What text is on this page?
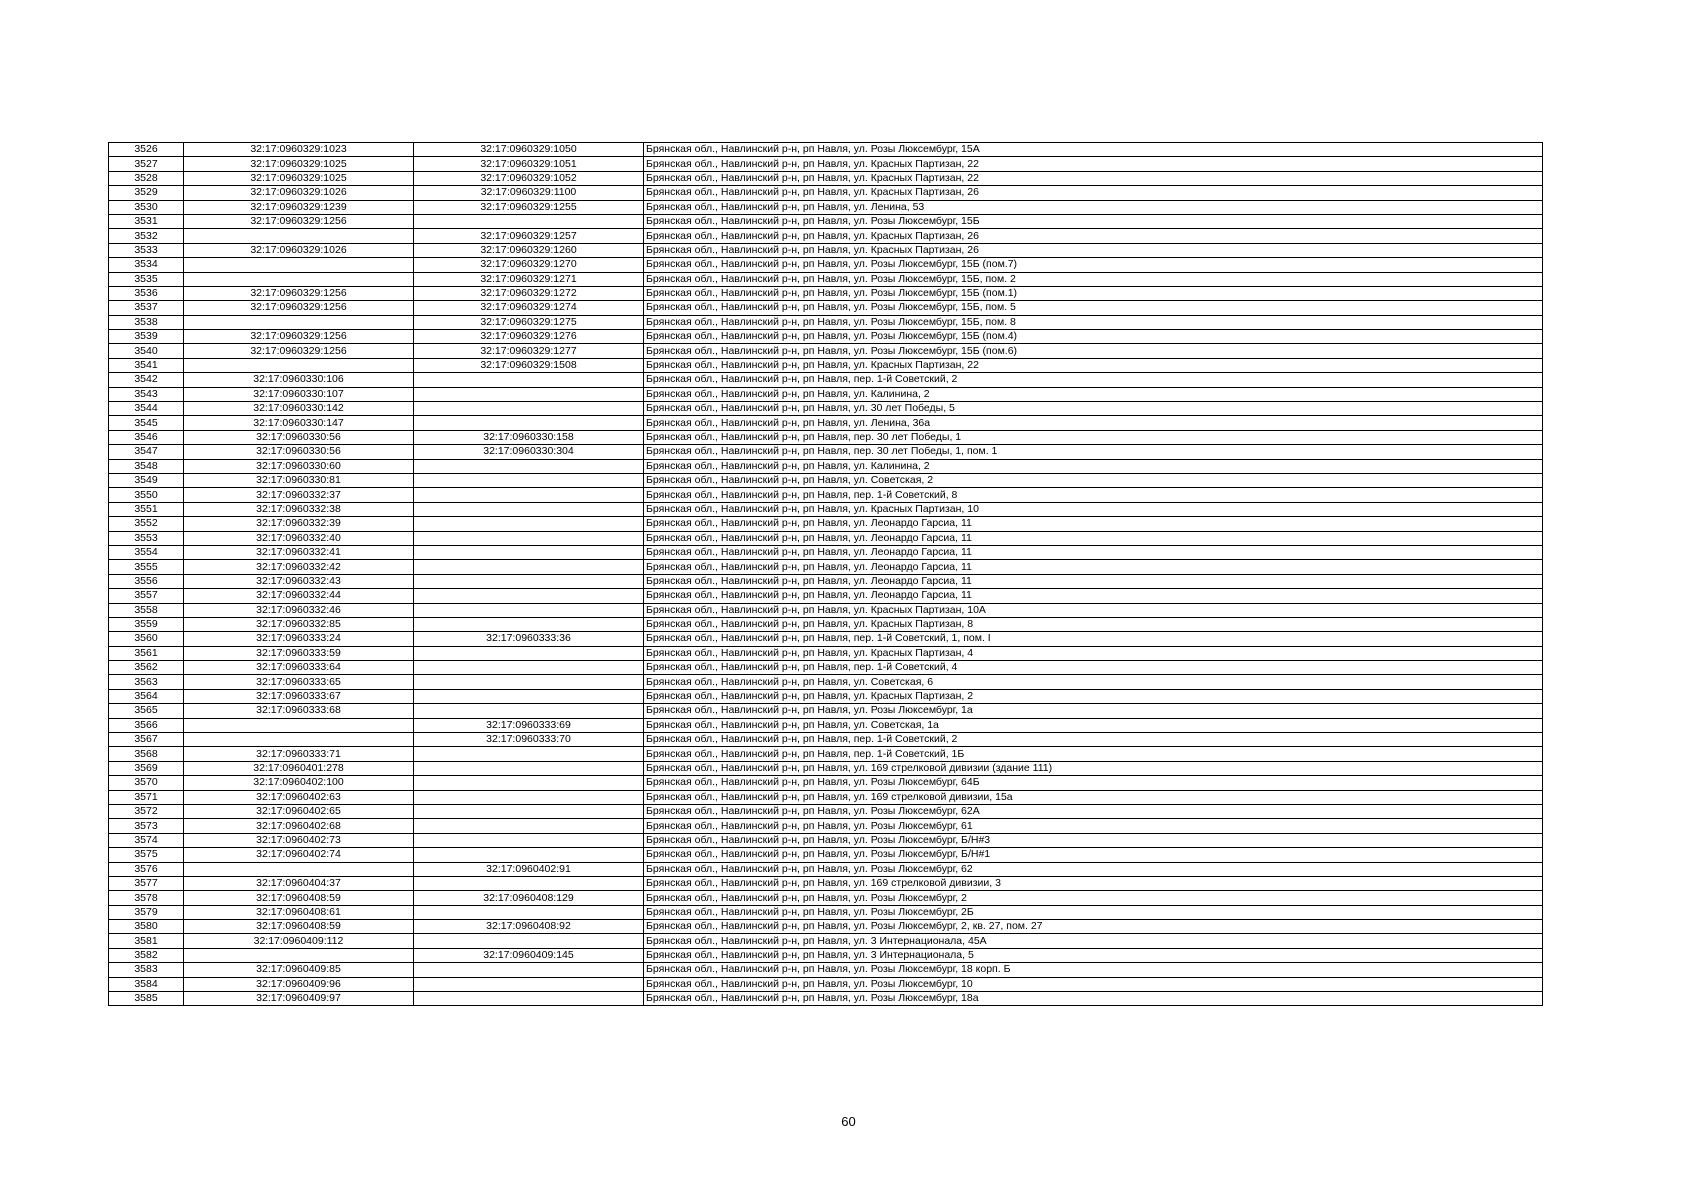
3526	32:17:0960329:1023	32:17:0960329:1050	Брянская обл., Навлинский р-н, рп Навля, ул. Розы Люксембург, 15А
3527	32:17:0960329:1025	32:17:0960329:1051	Брянская обл., Навлинский р-н, рп Навля, ул. Красных Партизан, 22
3528	32:17:0960329:1025	32:17:0960329:1052	Брянская обл., Навлинский р-н, рп Навля, ул. Красных Партизан, 22
3529	32:17:0960329:1026	32:17:0960329:1100	Брянская обл., Навлинский р-н, рп Навля, ул. Красных Партизан, 26
3530	32:17:0960329:1239	32:17:0960329:1255	Брянская обл., Навлинский р-н, рп Навля, ул. Ленина, 53
3531	32:17:0960329:1256		Брянская обл., Навлинский р-н, рп Навля, ул. Розы Люксембург, 15Б
3532		32:17:0960329:1257	Брянская обл., Навлинский р-н, рп Навля, ул. Красных Партизан, 26
3533	32:17:0960329:1026	32:17:0960329:1260	Брянская обл., Навлинский р-н, рп Навля, ул. Красных Партизан, 26
3534		32:17:0960329:1270	Брянская обл., Навлинский р-н, рп Навля, ул. Розы Люксембург, 15Б (пом.7)
3535		32:17:0960329:1271	Брянская обл., Навлинский р-н, рп Навля, ул. Розы Люксембург, 15Б, пом. 2
3536	32:17:0960329:1256	32:17:0960329:1272	Брянская обл., Навлинский р-н, рп Навля, ул. Розы Люксембург, 15Б (пом.1)
3537	32:17:0960329:1256	32:17:0960329:1274	Брянская обл., Навлинский р-н, рп Навля, ул. Розы Люксембург, 15Б, пом. 5
3538		32:17:0960329:1275	Брянская обл., Навлинский р-н, рп Навля, ул. Розы Люксембург, 15Б, пом. 8
3539	32:17:0960329:1256	32:17:0960329:1276	Брянская обл., Навлинский р-н, рп Навля, ул. Розы Люксембург, 15Б (пом.4)
3540	32:17:0960329:1256	32:17:0960329:1277	Брянская обл., Навлинский р-н, рп Навля, ул. Розы Люксембург, 15Б (пом.6)
3541		32:17:0960329:1508	Брянская обл., Навлинский р-н, рп Навля, ул. Красных Партизан, 22
3542	32:17:0960330:106		Брянская обл., Навлинский р-н, рп Навля, пер. 1-й Советский, 2
3543	32:17:0960330:107		Брянская обл., Навлинский р-н, рп Навля, ул. Калинина, 2
3544	32:17:0960330:142		Брянская обл., Навлинский р-н, рп Навля, ул. 30 лет Победы, 5
3545	32:17:0960330:147		Брянская обл., Навлинский р-н, рп Навля, ул. Ленина, 36а
3546	32:17:0960330:56	32:17:0960330:158	Брянская обл., Навлинский р-н, рп Навля, пер. 30 лет Победы, 1
3547	32:17:0960330:56	32:17:0960330:304	Брянская обл., Навлинский р-н, рп Навля, пер. 30 лет Победы, 1, пом. 1
3548	32:17:0960330:60		Брянская обл., Навлинский р-н, рп Навля, ул. Калинина, 2
3549	32:17:0960330:81		Брянская обл., Навлинский р-н, рп Навля, ул. Советская, 2
3550	32:17:0960332:37		Брянская обл., Навлинский р-н, рп Навля, пер. 1-й Советский, 8
3551	32:17:0960332:38		Брянская обл., Навлинский р-н, рп Навля, ул. Красных Партизан, 10
3552	32:17:0960332:39		Брянская обл., Навлинский р-н, рп Навля, ул. Леонардо Гарсиа, 11
3553	32:17:0960332:40		Брянская обл., Навлинский р-н, рп Навля, ул. Леонардо Гарсиа, 11
3554	32:17:0960332:41		Брянская обл., Навлинский р-н, рп Навля, ул. Леонардо Гарсиа, 11
3555	32:17:0960332:42		Брянская обл., Навлинский р-н, рп Навля, ул. Леонардо Гарсиа, 11
3556	32:17:0960332:43		Брянская обл., Навлинский р-н, рп Навля, ул. Леонардо Гарсиа, 11
3557	32:17:0960332:44		Брянская обл., Навлинский р-н, рп Навля, ул. Леонардо Гарсиа, 11
3558	32:17:0960332:46		Брянская обл., Навлинский р-н, рп Навля, ул. Красных Партизан, 10А
3559	32:17:0960332:85		Брянская обл., Навлинский р-н, рп Навля, ул. Красных Партизан, 8
3560	32:17:0960333:24	32:17:0960333:36	Брянская обл., Навлинский р-н, рп Навля, пер. 1-й Советский, 1, пом. I
3561	32:17:0960333:59		Брянская обл., Навлинский р-н, рп Навля, ул. Красных Партизан, 4
3562	32:17:0960333:64		Брянская обл., Навлинский р-н, рп Навля, пер. 1-й Советский, 4
3563	32:17:0960333:65		Брянская обл., Навлинский р-н, рп Навля, ул. Советская, 6
3564	32:17:0960333:67		Брянская обл., Навлинский р-н, рп Навля, ул. Красных Партизан, 2
3565	32:17:0960333:68		Брянская обл., Навлинский р-н, рп Навля, ул. Розы Люксембург, 1а
3566		32:17:0960333:69	Брянская обл., Навлинский р-н, рп Навля, ул. Советская, 1а
3567		32:17:0960333:70	Брянская обл., Навлинский р-н, рп Навля, пер. 1-й Советский, 2
3568	32:17:0960333:71		Брянская обл., Навлинский р-н, рп Навля, пер. 1-й Советский, 1Б
3569	32:17:0960401:278		Брянская обл., Навлинский р-н, рп Навля, ул. 169 стрелковой дивизии (здание 111)
3570	32:17:0960402:100		Брянская обл., Навлинский р-н, рп Навля, ул. Розы Люксембург, 64Б
3571	32:17:0960402:63		Брянская обл., Навлинский р-н, рп Навля, ул. 169 стрелковой дивизии, 15а
3572	32:17:0960402:65		Брянская обл., Навлинский р-н, рп Навля, ул. Розы Люксембург, 62А
3573	32:17:0960402:68		Брянская обл., Навлинский р-н, рп Навля, ул. Розы Люксембург, 61
3574	32:17:0960402:73		Брянская обл., Навлинский р-н, рп Навля, ул. Розы Люксембург, Б/Н#3
3575	32:17:0960402:74		Брянская обл., Навлинский р-н, рп Навля, ул. Розы Люксембург, Б/Н#1
3576		32:17:0960402:91	Брянская обл., Навлинский р-н, рп Навля, ул. Розы Люксембург, 62
3577	32:17:0960404:37		Брянская обл., Навлинский р-н, рп Навля, ул. 169 стрелковой дивизии, 3
3578	32:17:0960408:59	32:17:0960408:129	Брянская обл., Навлинский р-н, рп Навля, ул. Розы Люксембург, 2
3579	32:17:0960408:61		Брянская обл., Навлинский р-н, рп Навля, ул. Розы Люксембург, 2Б
3580	32:17:0960408:59	32:17:0960408:92	Брянская обл., Навлинский р-н, рп Навля, ул. Розы Люксембург, 2, кв. 27, пом. 27
3581	32:17:0960409:112		Брянская обл., Навлинский р-н, рп Навля, ул. 3 Интернационала, 45А
3582		32:17:0960409:145	Брянская обл., Навлинский р-н, рп Навля, ул. 3 Интернационала, 5
3583	32:17:0960409:85		Брянская обл., Навлинский р-н, рп Навля, ул. Розы Люксембург, 18 корп. Б
3584	32:17:0960409:96		Брянская обл., Навлинский р-н, рп Навля, ул. Розы Люксембург, 10
3585	32:17:0960409:97		Брянская обл., Навлинский р-н, рп Навля, ул. Розы Люксембург, 18а
60
